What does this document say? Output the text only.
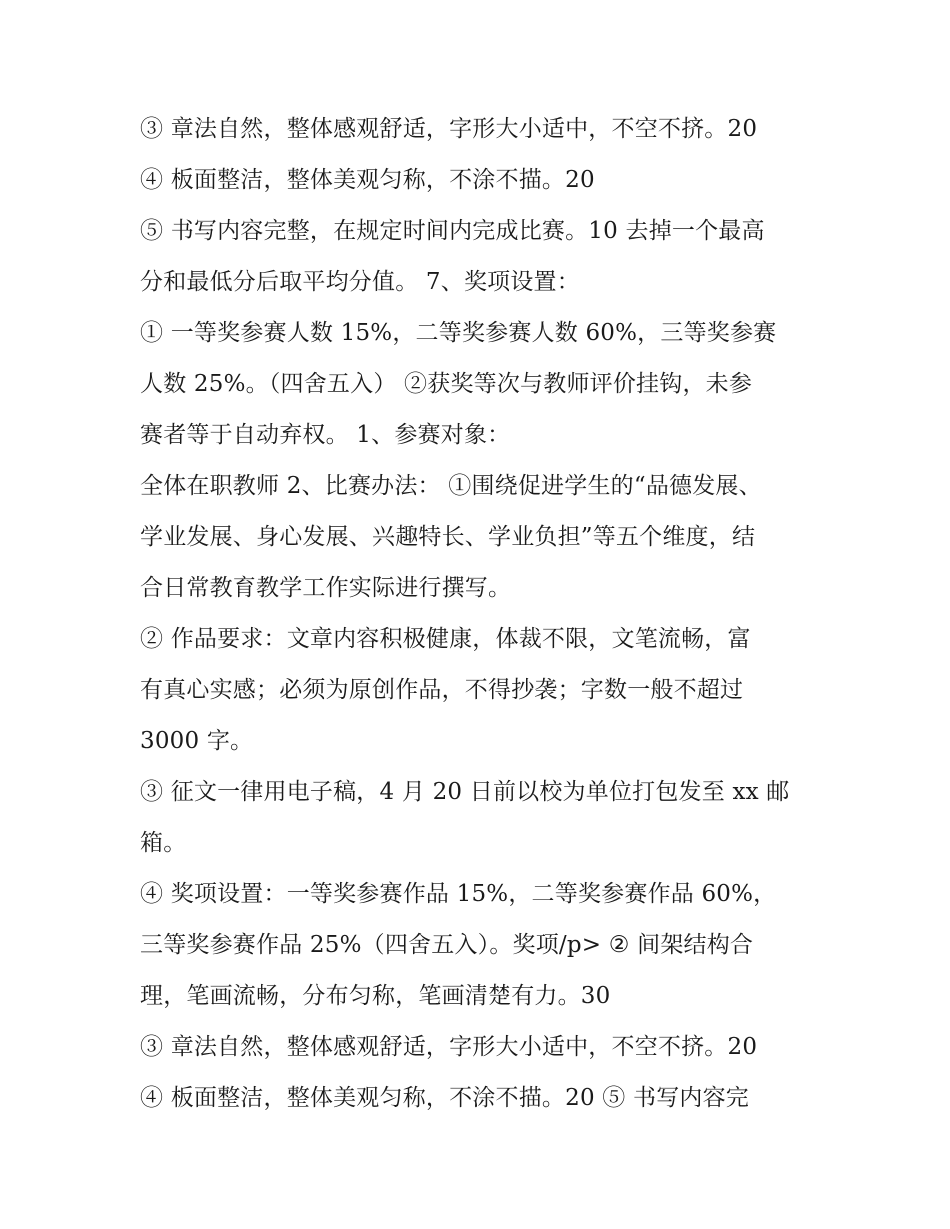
③ 章法自然，整体感观舒适，字形大小适中，不空不挤。20
④ 板面整洁，整体美观匀称，不涂不描。20
⑤ 书写内容完整，在规定时间内完成比赛。10 去掉一个最高
分和最低分后取平均分值。 7、奖项设置：
① 一等奖参赛人数 15%，二等奖参赛人数 60%，三等奖参赛
人数 25%。（四舍五入） ②获奖等次与教师评价挂钩，未参
赛者等于自动弃权。 1、参赛对象：
全体在职教师 2、比赛办法： ①围绕促进学生的“品德发展、
学业发展、身心发展、兴趣特长、学业负担”等五个维度，结
合日常教育教学工作实际进行撰写。
② 作品要求：文章内容积极健康，体裁不限，文笔流畅，富
有真心实感；必须为原创作品，不得抄袭；字数一般不超过
3000 字。
③ 征文一律用电子稿，4 月 20 日前以校为单位打包发至 xx 邮
箱。
④ 奖项设置：一等奖参赛作品 15%，二等奖参赛作品 60%，
三等奖参赛作品 25%（四舍五入）。奖项/p> ② 间架结构合
理，笔画流畅，分布匀称，笔画清楚有力。30
③ 章法自然，整体感观舒适，字形大小适中，不空不挤。20
④ 板面整洁，整体美观匀称，不涂不描。20 ⑤ 书写内容完
